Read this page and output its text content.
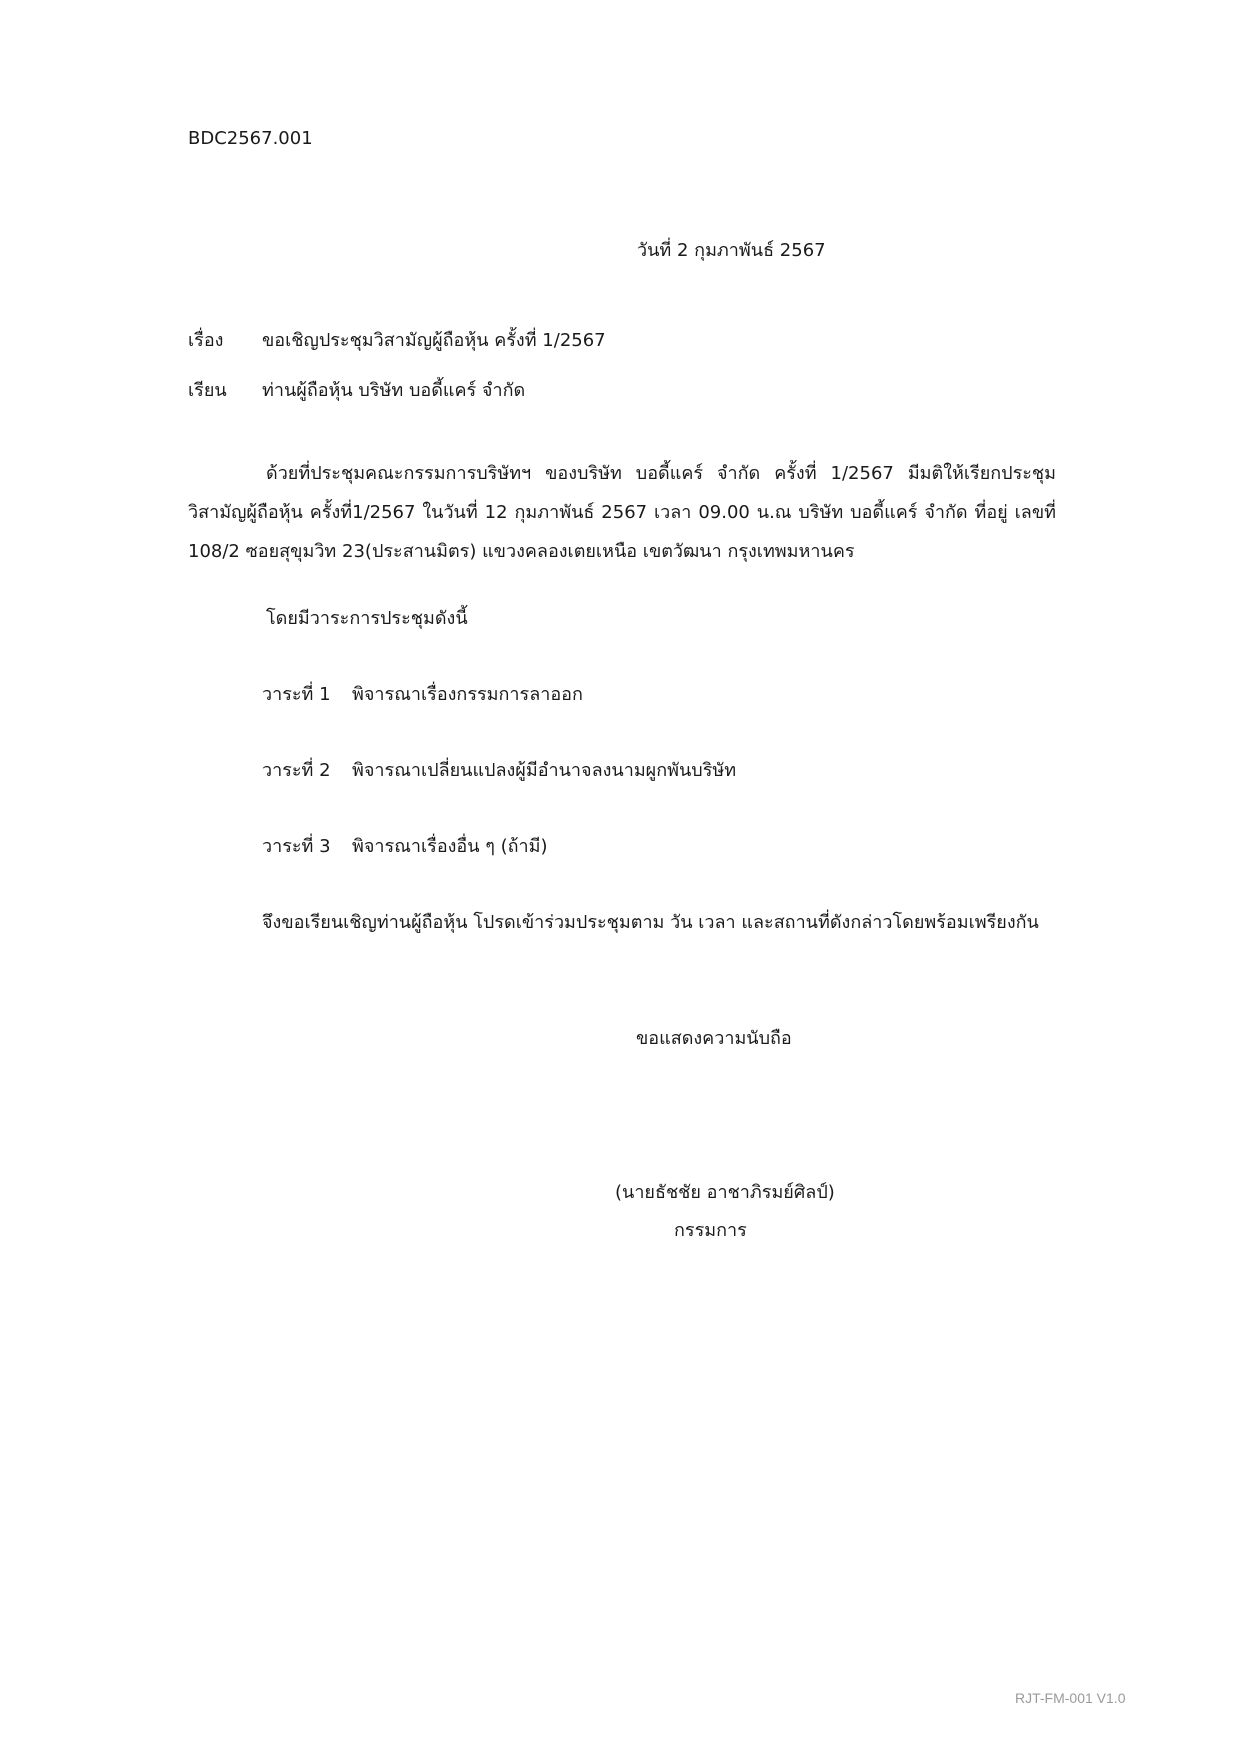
BDC2567.001
วันที่ 2 กุมภาพันธ์ 2567
เรื่อง ขอเชิญประชุมวิสามัญผู้ถือหุ้น ครั้งที่ 1/2567
เรียน ท่านผู้ถือหุ้น บริษัท บอดี้แคร์ จำกัด
ด้วยที่ประชุมคณะกรรมการบริษัทฯ ของบริษัท บอดี้แคร์ จำกัด ครั้งที่ 1/2567 มีมติให้เรียกประชุมวิสามัญผู้ถือหุ้น ครั้งที่1/2567 ในวันที่ 12 กุมภาพันธ์ 2567 เวลา 09.00 น.ณ บริษัท บอดี้แคร์ จำกัด ที่อยู่ เลขที่ 108/2 ซอยสุขุมวิท 23(ประสานมิตร) แขวงคลองเตยเหนือ เขตวัฒนา กรุงเทพมหานคร
โดยมีวาระการประชุมดังนี้
วาระที่ 1 พิจารณาเรื่องกรรมการลาออก
วาระที่ 2 พิจารณาเปลี่ยนแปลงผู้มีอำนาจลงนามผูกพันบริษัท
วาระที่ 3 พิจารณาเรื่องอื่น ๆ (ถ้ามี)
จึงขอเรียนเชิญท่านผู้ถือหุ้น โปรดเข้าร่วมประชุมตาม วัน เวลา และสถานที่ดังกล่าวโดยพร้อมเพรียงกัน
ขอแสดงความนับถือ
(นายธัชชัย อาชาภิรมย์ศิลป์)
กรรมการ
RJT-FM-001 V1.0
